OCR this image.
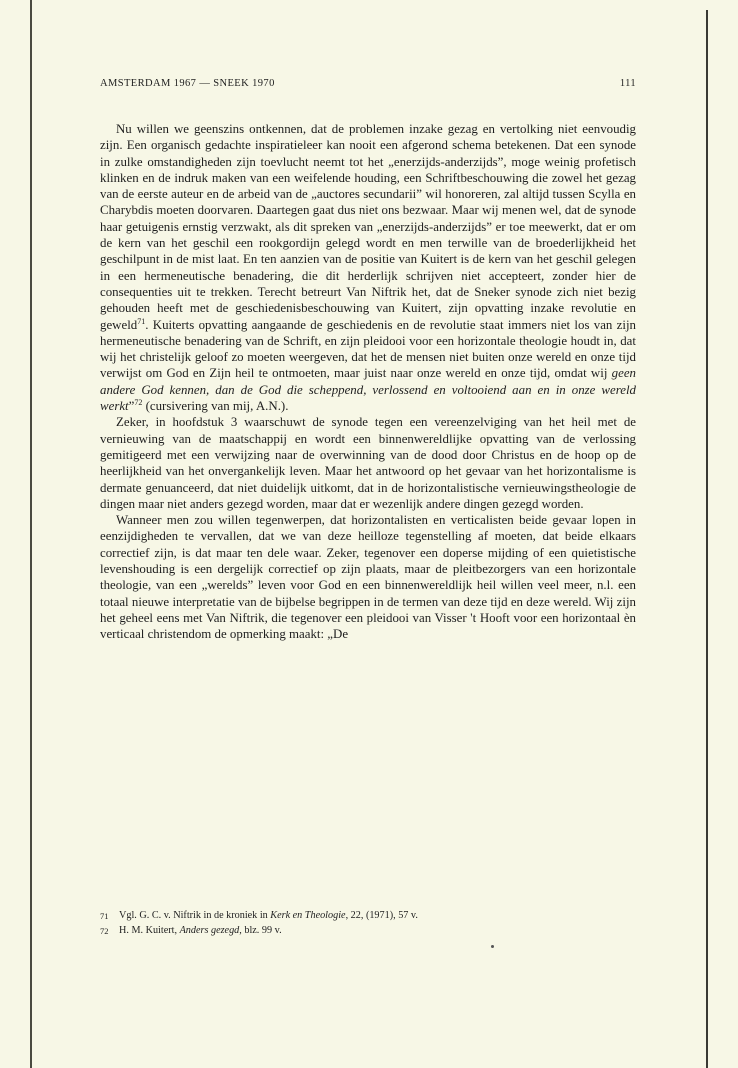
AMSTERDAM 1967 — SNEEK 1970	111

Nu willen we geenszins ontkennen, dat de problemen inzake gezag en vertolking niet eenvoudig zijn. Een organisch gedachte inspiratieleer kan nooit een afgerond schema betekenen. Dat een synode in zulke omstandigheden zijn toevlucht neemt tot het „enerzijds-anderzijds”, moge weinig profetisch klinken en de indruk maken van een weifelende houding, een Schriftbeschouwing die zowel het gezag van de eerste auteur en de arbeid van de „auctores secundarii” wil honoreren, zal altijd tussen Scylla en Charybdis moeten doorvaren. Daartegen gaat dus niet ons bezwaar. Maar wij menen wel, dat de synode haar getuigenis ernstig verzwakt, als dit spreken van „enerzijds-anderzijds” er toe meewerkt, dat er om de kern van het geschil een rookgordijn gelegd wordt en men terwille van de broederlijkheid het geschilpunt in de mist laat. En ten aanzien van de positie van Kuitert is de kern van het geschil gelegen in een hermeneutische benadering, die dit herderlijk schrijven niet accepteert, zonder hier de consequenties uit te trekken. Terecht betreurt Van Niftrik het, dat de Sneker synode zich niet bezig gehouden heeft met de geschiedenisbeschouwing van Kuitert, zijn opvatting inzake revolutie en geweld$^{71}$. Kuiterts opvatting aangaande de geschiedenis en de revolutie staat immers niet los van zijn hermeneutische benadering van de Schrift, en zijn pleidooi voor een horizontale theologie houdt in, dat wij het christelijk geloof zo moeten weergeven, dat het de mensen niet buiten onze wereld en onze tijd verwijst om God en Zijn heil te ontmoeten, maar juist naar onze wereld en onze tijd, omdat wij geen andere God kennen, dan de God die scheppend, verlossend en voltooiend aan en in onze wereld werkt”$^{72}$ (cursivering van mij, A.N.).

Zeker, in hoofdstuk 3 waarschuwt de synode tegen een vereenzelviging van het heil met de vernieuwing van de maatschappij en wordt een binnenwereldlijke opvatting van de verlossing gemitigeerd met een verwijzing naar de overwinning van de dood door Christus en de hoop op de heerlijkheid van het onvergankelijk leven. Maar het antwoord op het gevaar van het horizontalisme is dermate genuanceerd, dat niet duidelijk uitkomt, dat in de horizontalistische vernieuwingstheologie de dingen maar niet anders gezegd worden, maar dat er wezenlijk andere dingen gezegd worden.

Wanneer men zou willen tegenwerpen, dat horizontalisten en verticalisten beide gevaar lopen in eenzijdigheden te vervallen, dat we van deze heilloze tegenstelling af moeten, dat beide elkaars correctief zijn, is dat maar ten dele waar. Zeker, tegenover een doperse mijding of een quietistische levenshouding is een dergelijk correctief op zijn plaats, maar de pleitbezorgers van een horizontale theologie, van een „werelds” leven voor God en een binnenwereldlijk heil willen veel meer, n.l. een totaal nieuwe interpretatie van de bijbelse begrippen in de termen van deze tijd en deze wereld. Wij zijn het geheel eens met Van Niftrik, die tegenover een pleidooi van Visser 't Hooft voor een horizontaal èn verticaal christendom de opmerking maakt: „De

71	Vgl. G. C. v. Niftrik in de kroniek in Kerk en Theologie, 22, (1971), 57 v.
72	H. M. Kuitert, Anders gezegd, blz. 99 v.
